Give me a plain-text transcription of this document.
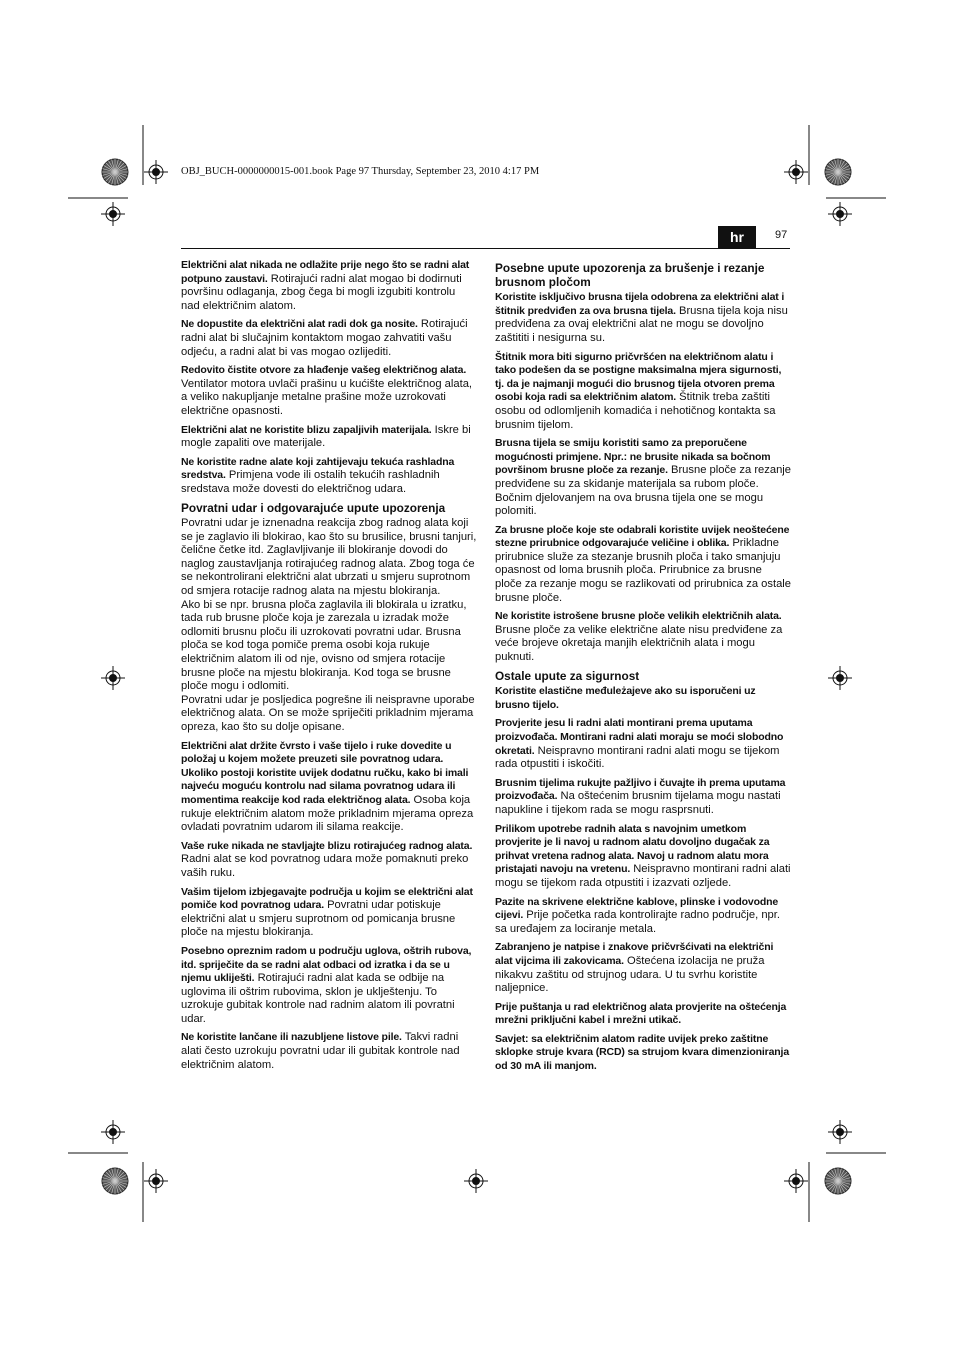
OBJ_BUCH-0000000015-001.book Page 97 Thursday, September 23, 2010 4:17 PM
hr	97
Električni alat nikada ne odlažite prije nego što se radni alat potpuno zaustavi. Rotirajući radni alat mogao bi dodirnuti površinu odlaganja, zbog čega bi mogli izgubiti kontrolu nad električnim alatom.
Ne dopustite da električni alat radi dok ga nosite. Rotirajući radni alat bi slučajnim kontaktom mogao zahvatiti vašu odjeću, a radni alat bi vas mogao ozlijediti.
Redovito čistite otvore za hlađenje vašeg električnog alata. Ventilator motora uvlači prašinu u kućište električnog alata, a veliko nakupljanje metalne prašine može uzrokovati električne opasnosti.
Električni alat ne koristite blizu zapaljivih materijala. Iskre bi mogle zapaliti ove materijale.
Ne koristite radne alate koji zahtijevaju tekuća rashladna sredstva. Primjena vode ili ostalih tekućih rashladnih sredstava može dovesti do električnog udara.
Povratni udar i odgovarajuće upute upozorenja
Povratni udar je iznenadna reakcija zbog radnog alata koji se je zaglavio ili blokirao, kao što su brusilice, brusni tanjuri, čelične četke itd. Zaglavljivanje ili blokiranje dovodi do naglog zaustavljanja rotirajućeg radnog alata. Zbog toga će se nekontrolirani električni alat ubrzati u smjeru suprotnom od smjera rotacije radnog alata na mjestu blokiranja.
Ako bi se npr. brusna ploča zaglavila ili blokirala u izratku, tada rub brusne ploče koja je zarezala u izradak može odlomiti brusnu ploču ili uzrokovati povratni udar. Brusna ploča se kod toga pomiče prema osobi koja rukuje električnim alatom ili od nje, ovisno od smjera rotacije brusne ploče na mjestu blokiranja. Kod toga se brusne ploče mogu i odlomiti.
Povratni udar je posljedica pogrešne ili neispravne uporabe električnog alata. On se može spriječiti prikladnim mjerama opreza, kao što su dolje opisane.
Električni alat držite čvrsto i vaše tijelo i ruke dovedite u položaj u kojem možete preuzeti sile povratnog udara. Ukoliko postoji koristite uvijek dodatnu ručku, kako bi imali najveću moguću kontrolu nad silama povratnog udara ili momentima reakcije kod rada električnog alata. Osoba koja rukuje električnim alatom može prikladnim mjerama opreza ovladati povratnim udarom ili silama reakcije.
Vaše ruke nikada ne stavljajte blizu rotirajućeg radnog alata. Radni alat se kod povratnog udara može pomaknuti preko vaših ruku.
Vašim tijelom izbjegavajte područja u kojim se električni alat pomiče kod povratnog udara. Povratni udar potiskuje električni alat u smjeru suprotnom od pomicanja brusne ploče na mjestu blokiranja.
Posebno opreznim radom u području uglova, oštrih rubova, itd. spriječite da se radni alat odbaci od izratka i da se u njemu ukliješti. Rotirajući radni alat kada se odbije na uglovima ili oštrim rubovima, sklon je uklještenju. To uzrokuje gubitak kontrole nad radnim alatom ili povratni udar.
Ne koristite lančane ili nazubljene listove pile. Takvi radni alati često uzrokuju povratni udar ili gubitak kontrole nad električnim alatom.
Posebne upute upozorenja za brušenje i rezanje brusnom pločom
Koristite isključivo brusna tijela odobrena za električni alat i štitnik predviđen za ova brusna tijela. Brusna tijela koja nisu predviđena za ovaj električni alat ne mogu se dovoljno zaštititi i nesigurna su.
Štitnik mora biti sigurno pričvršćen na električnom alatu i tako podešen da se postigne maksimalna mjera sigurnosti, tj. da je najmanji mogući dio brusnog tijela otvoren prema osobi koja radi sa električnim alatom. Štitnik treba zaštiti osobu od odlomljenih komadića i nehotičnog kontakta sa brusnim tijelom.
Brusna tijela se smiju koristiti samo za preporučene mogućnosti primjene. Npr.: ne brusite nikada sa bočnom površinom brusne ploče za rezanje. Brusne ploče za rezanje predviđene su za skidanje materijala sa rubom ploče. Bočnim djelovanjem na ova brusna tijela one se mogu polomiti.
Za brusne ploče koje ste odabrali koristite uvijek neoštećene stezne prirubnice odgovarajuće veličine i oblika. Prikladne prirubnice služe za stezanje brusnih ploča i tako smanjuju opasnost od loma brusnih ploča. Prirubnice za brusne ploče za rezanje mogu se razlikovati od prirubnica za ostale brusne ploče.
Ne koristite istrošene brusne ploče velikih električnih alata. Brusne ploče za velike električne alate nisu predviđene za veće brojeve okretaja manjih električnih alata i mogu puknuti.
Ostale upute za sigurnost
Koristite elastične međuleżajeve ako su isporučeni uz brusno tijelo.
Provjerite jesu li radni alati montirani prema uputama proizvođača. Montirani radni alati moraju se moći slobodno okretati. Neispravno montirani radni alati mogu se tijekom rada otpustiti i iskočiti.
Brusnim tijelima rukujte pažljivo i čuvajte ih prema uputama proizvođača. Na oštećenim brusnim tijelama mogu nastati napukline i tijekom rada se mogu rasprsnuti.
Prilikom upotrebe radnih alata s navojnim umetkom provjerite je li navoj u radnom alatu dovoljno dugačak za prihvat vretena radnog alata. Navoj u radnom alatu mora pristajati navoju na vretenu. Neispravno montirani radni alati mogu se tijekom rada otpustiti i izazvati ozljede.
Pazite na skrivene električne kablove, plinske i vodovodne cijevi. Prije početka rada kontrolirajte radno područje, npr. sa uređajem za lociranje metala.
Zabranjeno je natpise i znakove pričvršćivati na električni alat vijcima ili zakovicama. Oštećena izolacija ne pruža nikakvu zaštitu od strujnog udara. U tu svrhu koristite naljepnice.
Prije puštanja u rad električnog alata provjerite na oštećenja mrežni priključni kabel i mrežni utikač.
Savjet: sa električnim alatom radite uvijek preko zaštitne sklopke struje kvara (RCD) sa strujom kvara dimenzioniranja od 30 mA ili manjom.
